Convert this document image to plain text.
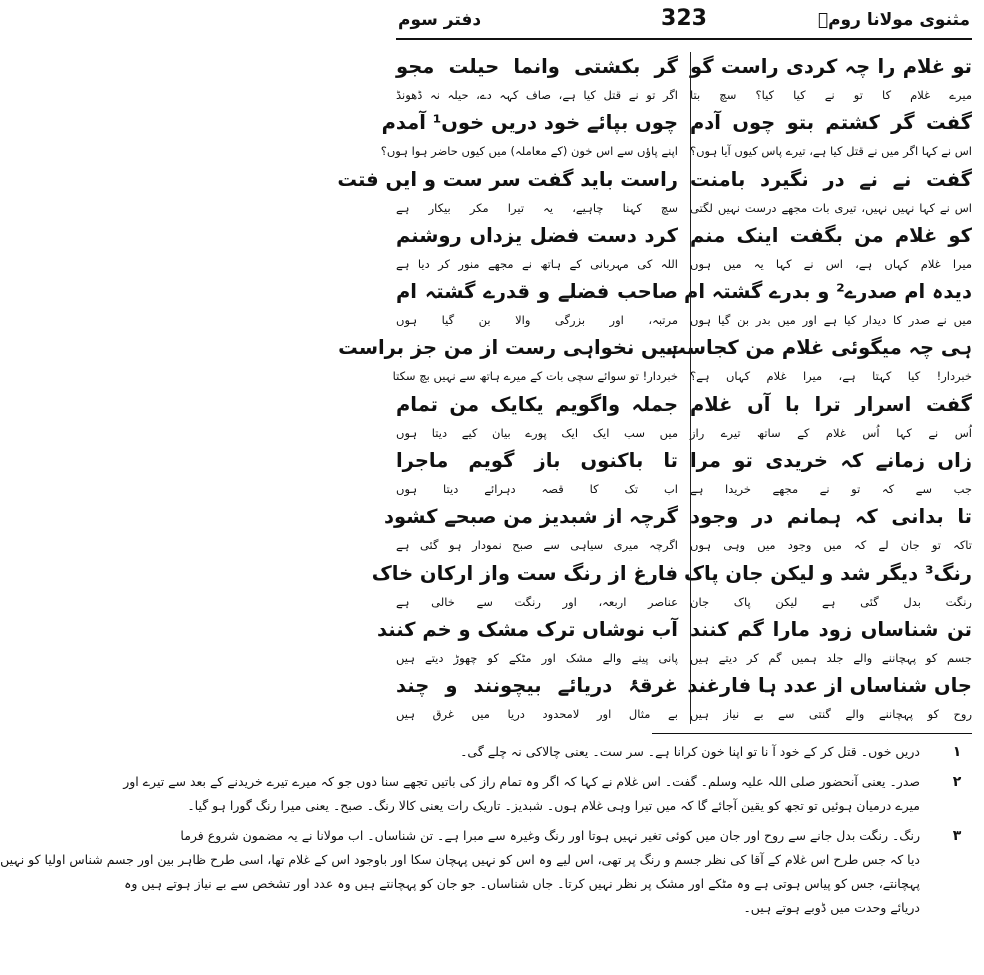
مثنوی مولانا رومؒ
323
دفتر سوم
تو غلام را چہ کردی راست گو
میرے غلام کا تو نے کیا کیا؟ سچ بتا
گفت گر کشتم بتو چوں آدم
اس نے کہا اگر میں نے قتل کیا ہے، تیرے پاس کیوں آیا ہوں؟
گفت نے نے در نگیرد بامنت
اس نے کہا نہیں نہیں، تیری بات مجھے درست نہیں لگتی
کو غلام من بگفت اینک منم
میرا غلام کہاں ہے، اس نے کہا یہ میں ہوں
دیدہ ام صدرے² و بدرے گشتہ ام
میں نے صدر کا دیدار کیا ہے اور میں بدر بن گیا ہوں
ہی چہ میگوئی غلام من کجاست
خبردار! کیا کہتا ہے، میرا غلام کہاں ہے؟
گفت اسرار ترا با آں غلام
اُس نے کہا اُس غلام کے ساتھ تیرے راز
زاں زمانے کہ خریدی تو مرا
جب سے کہ تو نے مجھے خریدا ہے
تا بدانی کہ ہمانم در وجود
تاکہ تو جان لے کہ میں وجود میں وہی ہوں
رنگ³ دیگر شد و لیکن جان پاک
رنگت بدل گئی ہے لیکن پاک جان
تن شناساں زود مارا گم کنند
جسم کو پہچاننے والے جلد ہمیں گم کر دیتے ہیں
جاں شناساں از عدد ہا فارغند
روح کو پہچاننے والے گنتی سے بے نیاز ہیں
گر بکشتی وانما حیلت مجو
اگر تو نے قتل کیا ہے، صاف کہہ دے، حیلہ نہ ڈھونڈ
چوں بپائے خود دریں خوں¹ آمدم
اپنے پاؤں سے اس خون (کے معاملہ) میں کیوں حاضر ہوا ہوں؟
راست باید گفت سر ست و ایں فتت
سچ کہنا چاہیے، یہ تیرا مکر بیکار ہے
کرد دست فضل یزداں روشنم
اللہ کی مہربانی کے ہاتھ نے مجھے منور کر دیا ہے
صاحب فضلے و قدرے گشتہ ام
مرتبہ، اور بزرگی والا بن گیا ہوں
ہیں نخواہی رست از من جز براست
خبردار! تو سوائے سچی بات کے میرے ہاتھ سے نہیں بچ سکتا
جملہ واگویم یکایک من تمام
میں سب ایک ایک پورے بیان کیے دیتا ہوں
تا باکنوں باز گویم ماجرا
اب تک کا قصہ دہرائے دیتا ہوں
گرچہ از شبدیز من صبحے کشود
اگرچہ میری سیاہی سے صبح نمودار ہو گئی ہے
فارغ از رنگ ست واز ارکان خاک
عناصر اربعہ، اور رنگت سے خالی ہے
آب نوشاں ترک مشک و خم کنند
پانی پینے والے مشک اور مٹکے کو چھوڑ دیتے ہیں
غرقۂ دریائے بیچونند و چند
بے مثال اور لامحدود دریا میں غرق ہیں
١
دریں خوں۔ قتل کر کے خود آ نا تو اپنا خون کرانا ہے۔ سر ست۔ یعنی چالاکی نہ چلے گی۔
٢
صدر۔ یعنی آنحضور صلی اللہ علیہ وسلم۔ گفت۔ اس غلام نے کہا کہ اگر وہ تمام راز کی باتیں تجھے سنا دوں جو کہ میرے تیرے خریدنے کے بعد سے تیرے اور
میرے درمیان ہوئیں تو تجھ کو یقین آجائے گا کہ میں تیرا وہی غلام ہوں۔ شبدیز۔ تاریک رات یعنی کالا رنگ۔ صبح۔ یعنی میرا رنگ گورا ہو گیا۔
٣
رنگ۔ رنگت بدل جانے سے روح اور جان میں کوئی تغیر نہیں ہوتا اور رنگ وغیرہ سے مبرا ہے۔ تن شناساں۔ اب مولانا نے یہ مضمون شروع فرما
دیا کہ جس طرح اس غلام کے آقا کی نظر جسم و رنگ پر تھی، اس لیے وہ اس کو نہیں پہچان سکا اور باوجود اس کے غلام تھا، اسی طرح ظاہر بین اور جسم شناس اولیا کو نہیں
پہچانتے، جس کو پیاس ہوتی ہے وہ مٹکے اور مشک پر نظر نہیں کرتا۔ جاں شناساں۔ جو جان کو پہچانتے ہیں وہ عدد اور تشخص سے بے نیاز ہوتے ہیں وہ
دریائے وحدت میں ڈوبے ہوتے ہیں۔
